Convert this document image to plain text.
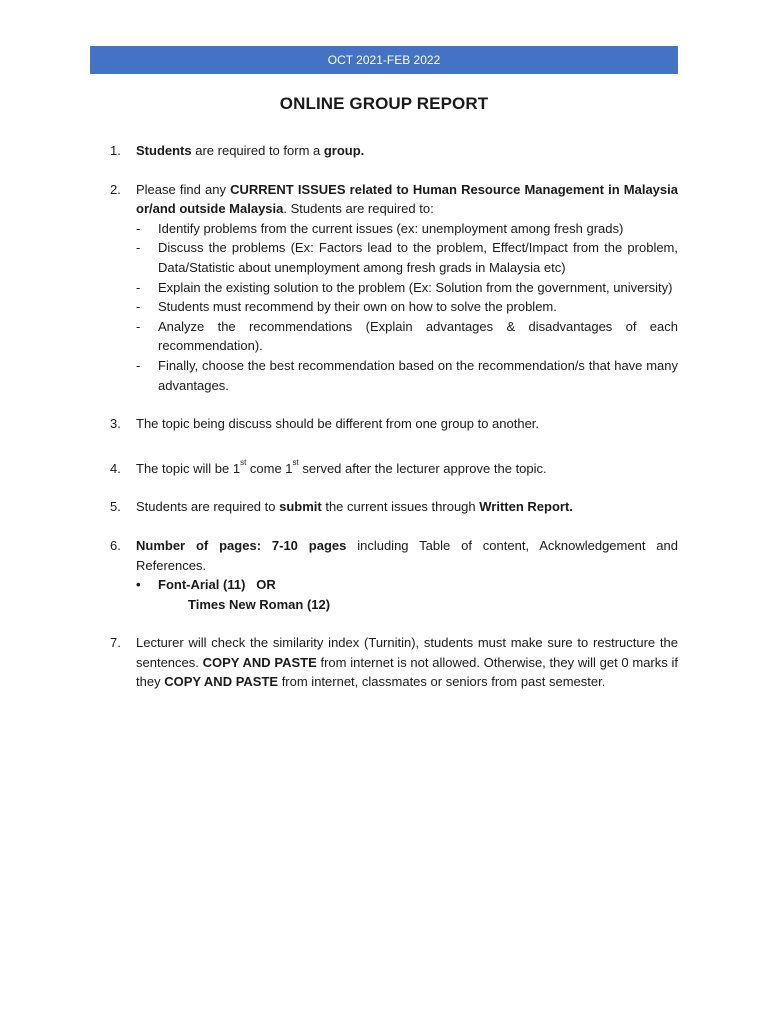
OCT 2021-FEB 2022
ONLINE GROUP REPORT
1. Students are required to form a group.
2. Please find any CURRENT ISSUES related to Human Resource Management in Malaysia or/and outside Malaysia. Students are required to:
- Identify problems from the current issues (ex: unemployment among fresh grads)
- Discuss the problems (Ex: Factors lead to the problem, Effect/Impact from the problem, Data/Statistic about unemployment among fresh grads in Malaysia etc)
- Explain the existing solution to the problem (Ex: Solution from the government, university)
- Students must recommend by their own on how to solve the problem.
- Analyze the recommendations (Explain advantages & disadvantages of each recommendation).
- Finally, choose the best recommendation based on the recommendation/s that have many advantages.
3. The topic being discuss should be different from one group to another.
4. The topic will be 1st come 1st served after the lecturer approve the topic.
5. Students are required to submit the current issues through Written Report.
6. Number of pages: 7-10 pages including Table of content, Acknowledgement and References.
• Font-Arial (11)   OR
Times New Roman (12)
7. Lecturer will check the similarity index (Turnitin), students must make sure to restructure the sentences. COPY AND PASTE from internet is not allowed. Otherwise, they will get 0 marks if they COPY AND PASTE from internet, classmates or seniors from past semester.
